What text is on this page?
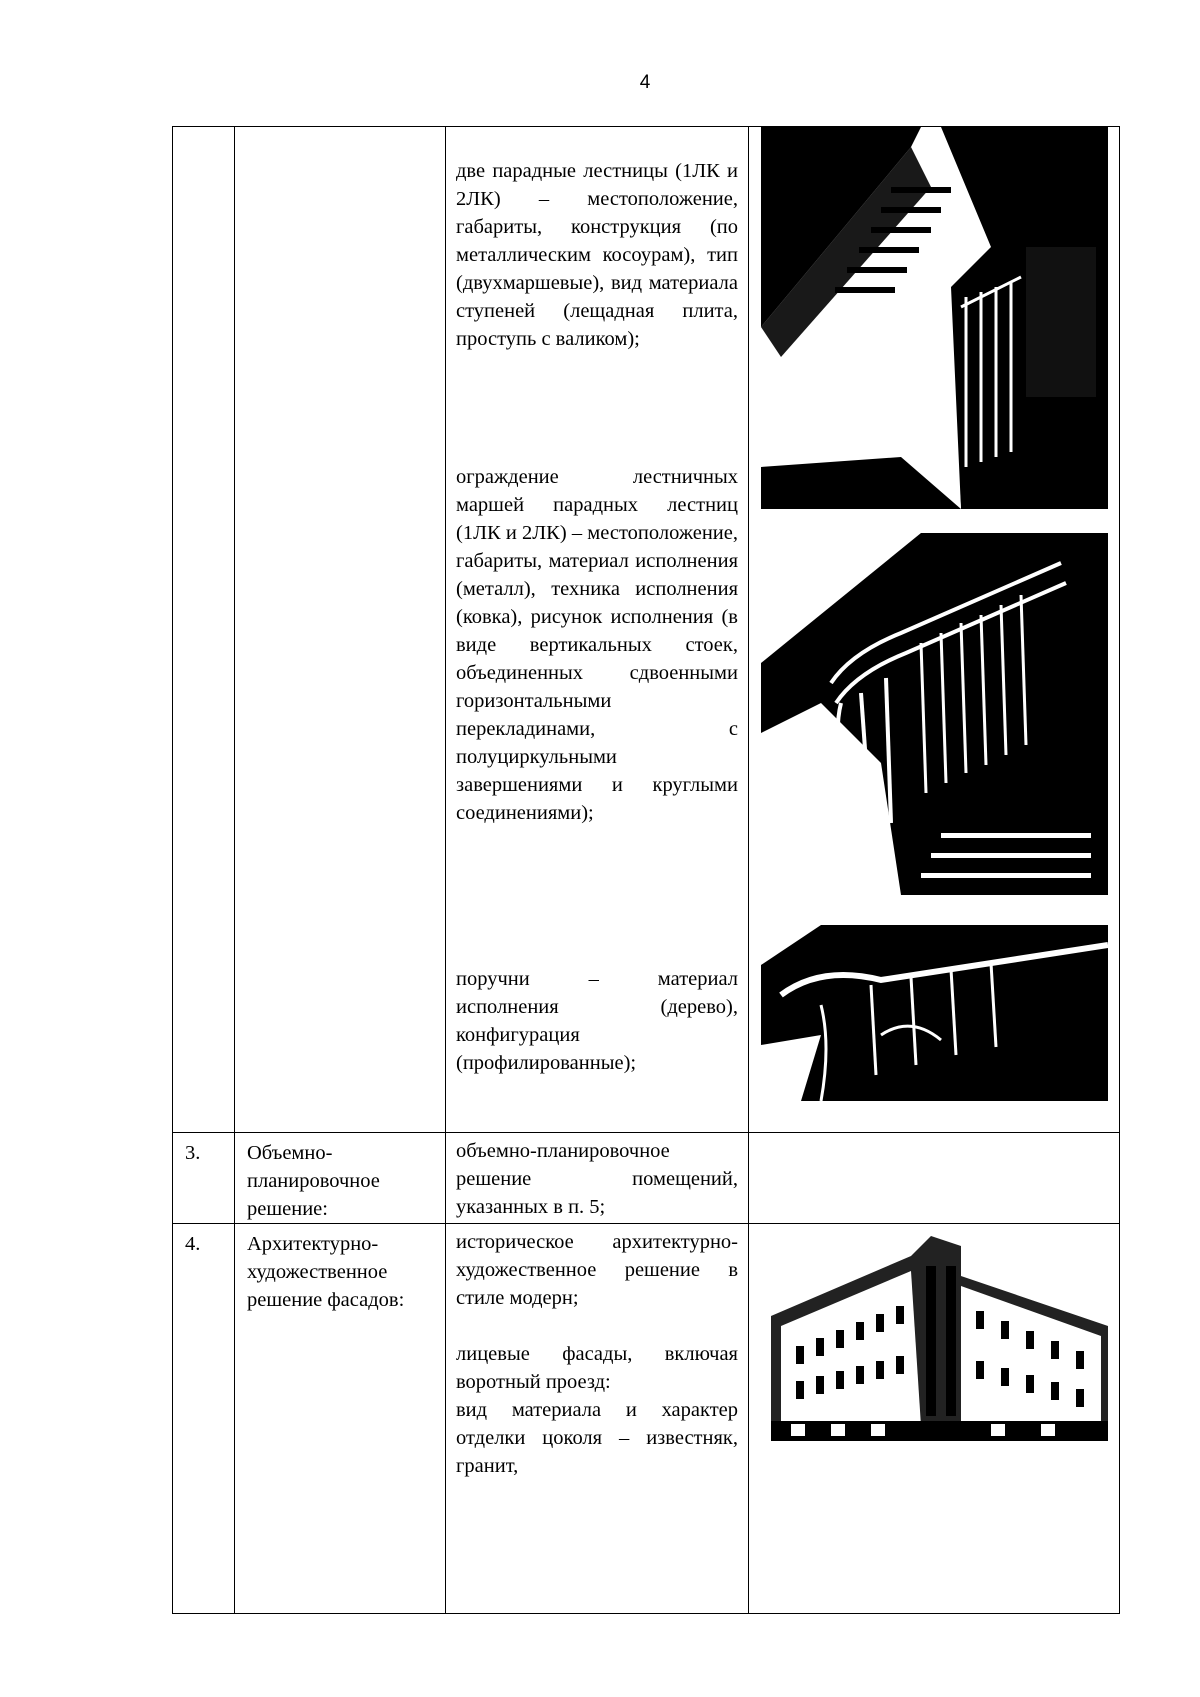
4

		две парадные лестницы (1ЛК и 2ЛК) – местоположение, габариты, конструкция (по металлическим косоурам), тип (двухмаршевые), вид материала ступеней (лещадная плита, проступь с валиком);

ограждение лестничных маршей парадных лестниц (1ЛК и 2ЛК) – местоположение, габариты, материал исполнения (металл), техника исполнения (ковка), рисунок исполнения (в виде вертикальных стоек, объединенных сдвоенными горизонтальными перекладинами, с полуциркульными завершениями и круглыми соединениями);

поручни – материал исполнения (дерево), конфигурация (профилированные);

3.	Объемно-планировочное решение:	объемно-планировочное решение помещений, указанных в п. 5;	
4.	Архитектурно-художественное решение фасадов:	историческое архитектурно-художественное решение в стиле модерн;

лицевые фасады, включая воротный проезд:

вид материала и характер отделки цоколя – известняк, гранит,
